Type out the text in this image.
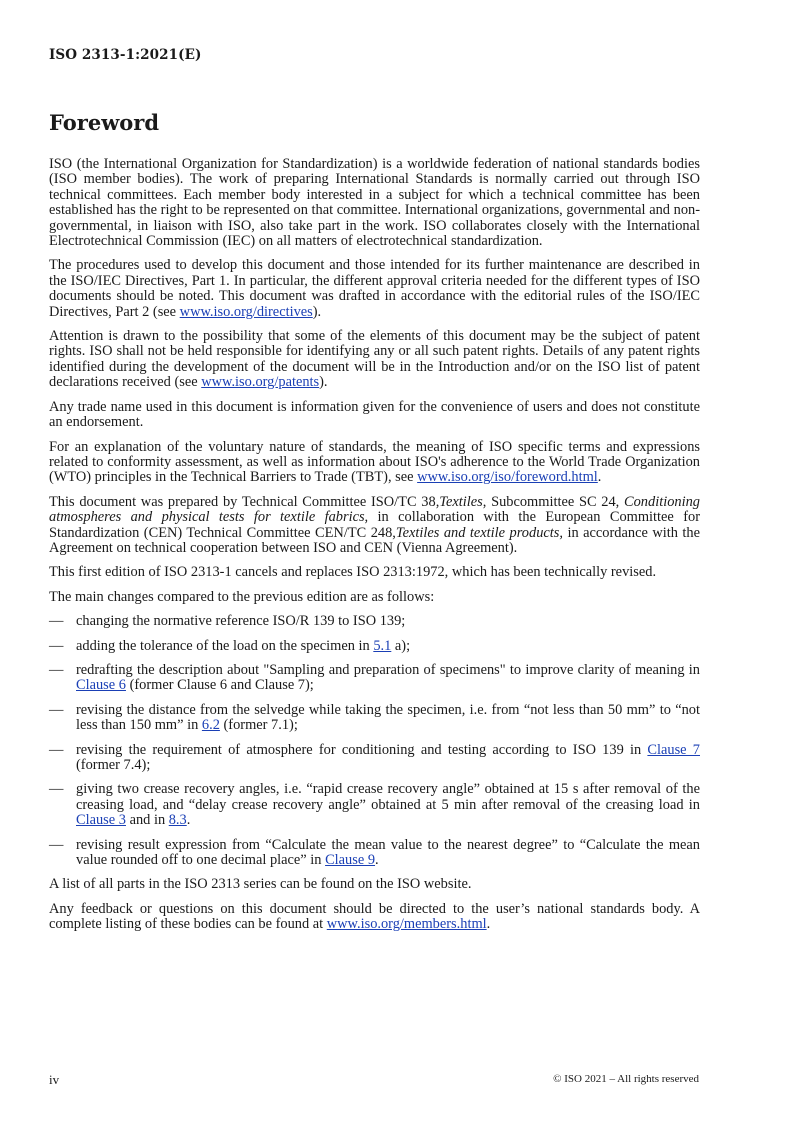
ISO 2313-1:2021(E)
Foreword

ISO (the International Organization for Standardization) is a worldwide federation of national standards bodies (ISO member bodies). The work of preparing International Standards is normally carried out through ISO technical committees. Each member body interested in a subject for which a technical committee has been established has the right to be represented on that committee. International organizations, governmental and non-governmental, in liaison with ISO, also take part in the work. ISO collaborates closely with the International Electrotechnical Commission (IEC) on all matters of electrotechnical standardization.

The procedures used to develop this document and those intended for its further maintenance are described in the ISO/IEC Directives, Part 1. In particular, the different approval criteria needed for the different types of ISO documents should be noted. This document was drafted in accordance with the editorial rules of the ISO/IEC Directives, Part 2 (see www.iso.org/directives).

Attention is drawn to the possibility that some of the elements of this document may be the subject of patent rights. ISO shall not be held responsible for identifying any or all such patent rights. Details of any patent rights identified during the development of the document will be in the Introduction and/or on the ISO list of patent declarations received (see www.iso.org/patents).

Any trade name used in this document is information given for the convenience of users and does not constitute an endorsement.

For an explanation of the voluntary nature of standards, the meaning of ISO specific terms and expressions related to conformity assessment, as well as information about ISO's adherence to the World Trade Organization (WTO) principles in the Technical Barriers to Trade (TBT), see www.iso.org/iso/foreword.html.

This document was prepared by Technical Committee ISO/TC 38,Textiles, Subcommittee SC 24, Conditioning atmospheres and physical tests for textile fabrics, in collaboration with the European Committee for Standardization (CEN) Technical Committee CEN/TC 248,Textiles and textile products, in accordance with the Agreement on technical cooperation between ISO and CEN (Vienna Agreement).

This first edition of ISO 2313-1 cancels and replaces ISO 2313:1972, which has been technically revised.

The main changes compared to the previous edition are as follows:

— changing the normative reference ISO/R 139 to ISO 139;
— adding the tolerance of the load on the specimen in 5.1 a);
— redrafting the description about "Sampling and preparation of specimens" to improve clarity of meaning in Clause 6 (former Clause 6 and Clause 7);
— revising the distance from the selvedge while taking the specimen, i.e. from “not less than 50 mm” to “not less than 150 mm” in 6.2 (former 7.1);
— revising the requirement of atmosphere for conditioning and testing according to ISO 139 in Clause 7 (former 7.4);
— giving two crease recovery angles, i.e. “rapid crease recovery angle” obtained at 15 s after removal of the creasing load, and “delay crease recovery angle” obtained at 5 min after removal of the creasing load in Clause 3 and in 8.3.
— revising result expression from “Calculate the mean value to the nearest degree” to “Calculate the mean value rounded off to one decimal place” in Clause 9.

A list of all parts in the ISO 2313 series can be found on the ISO website.

Any feedback or questions on this document should be directed to the user’s national standards body. A complete listing of these bodies can be found at www.iso.org/members.html.

iv	© ISO 2021 – All rights reserved
